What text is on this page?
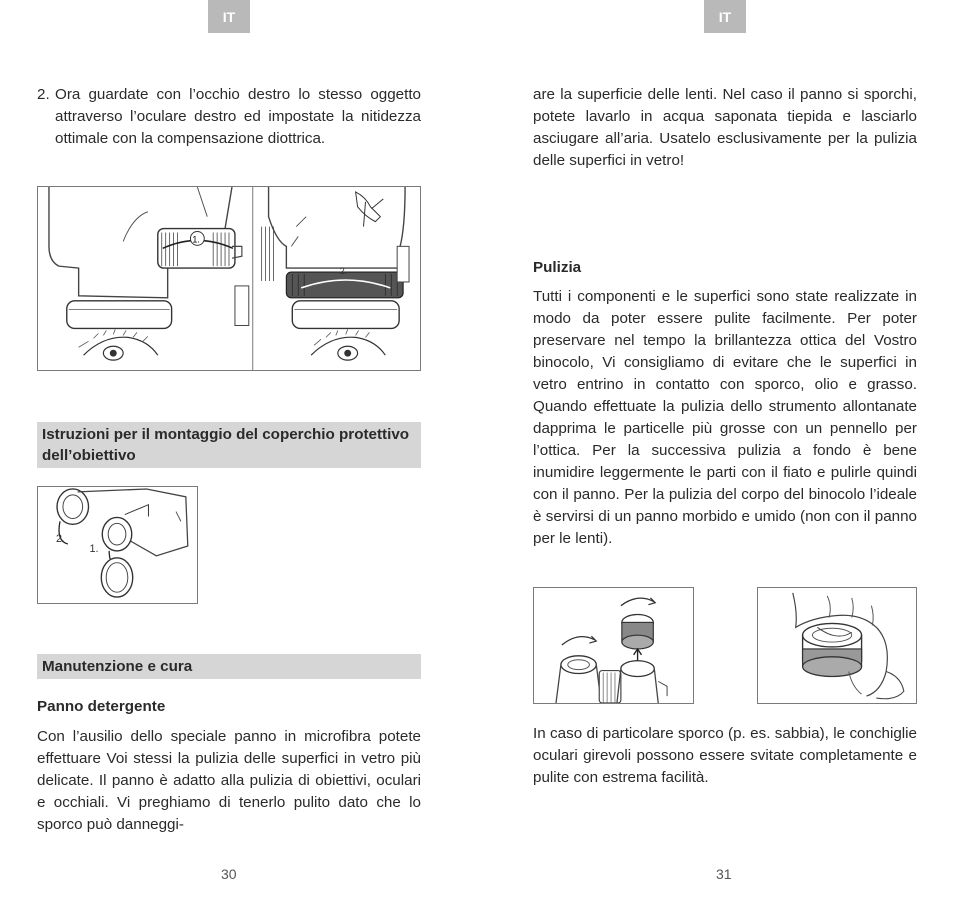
IT
2. Ora guardate con l’occhio destro lo stesso oggetto attraverso l’oculare destro ed impostate la nitidezza ottimale con la compensazione diottrica.
1.
2.
Istruzioni per il montaggio del coperchio protettivo dell’obiettivo
2.
1.
Manutenzione e cura
Panno detergente

Con l’ausilio dello speciale panno in microfibra potete effettuare Voi stessi la pulizia delle superfici in vetro più delicate. Il panno è adatto alla pulizia di obiettivi, oculari e occhiali. Vi preghiamo di tenerlo pulito dato che lo sporco può danneggi-

30
IT

are la superficie delle lenti. Nel caso il panno si sporchi, potete lavarlo in acqua saponata tiepida e lasciarlo asciugare all’aria. Usatelo esclusivamente per la pulizia delle superfici in vetro!

Pulizia

Tutti i componenti e le superfici sono state realizzate in modo da poter essere pulite facilmente. Per poter preservare nel tempo la brillantezza ottica del Vostro binocolo, Vi consigliamo di evitare che le superfici in vetro entrino in contatto con sporco, olio e grasso. Quando effettuate la pulizia dello strumento allontanate dapprima le particelle più grosse con un pennello per l’ottica. Per la successiva pulizia a fondo è bene inumidire leggermente le parti con il fiato e pulirle quindi con il panno. Per la pulizia del corpo del binocolo l’ideale è servirsi di un panno morbido e umido (non con il panno per le lenti).

In caso di particolare sporco (p. es. sabbia), le conchiglie oculari girevoli possono essere svitate completamente e pulite con estrema facilità.

31
